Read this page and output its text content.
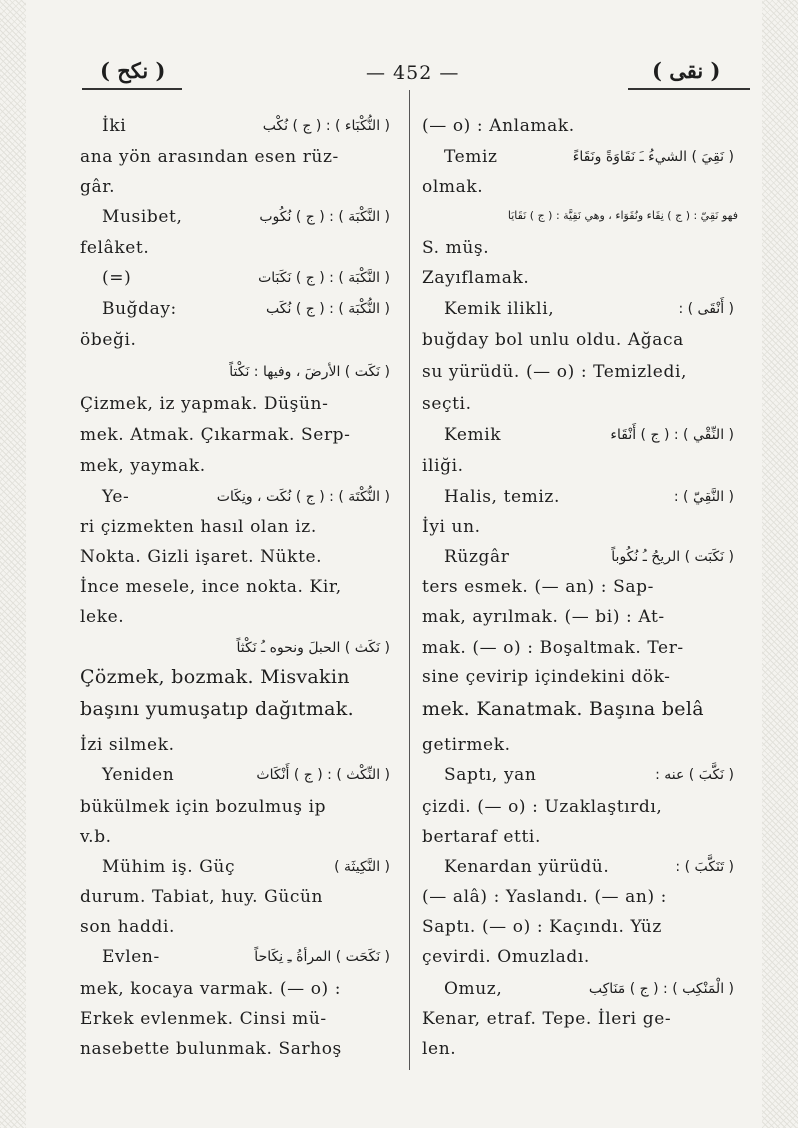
( نكح )	— 452 —	( نقى )
İki	( النُّكْبَاء ) : ( ج ) نُكْب
ana yön arasından esen rüz-
gâr.
Musibet,	( النَّكْبَة ) : ( ج ) نُكُوب
felâket.
(=)	( النَّكْبَة ) : ( ج ) نَكَبَات
Buğday:	( النُّكْبَة ) : ( ج ) نُكَب
öbeği.
( نَكَت ) الأرضَ ، وفيها : نَكْتاً
Çizmek, iz yapmak. Düşün-
mek. Atmak. Çıkarmak. Serp-
mek, yaymak.
Ye-	( النُّكْتَة ) : ( ج ) نُكَت ، ونِكَات
ri çizmekten hasıl olan iz.
Nokta. Gizli işaret. Nükte.
İnce mesele, ince nokta. Kir,
leke.
( نَكَث ) الحبلَ ونحوه ـُ نَكْثاً
Çözmek, bozmak. Misvakin
başını yumuşatıp dağıtmak.
İzi silmek.
Yeniden	( النِّكْث ) : ( ج ) أَنْكَاث
bükülmek için bozulmuş ip
v.b.
Mühim iş. Güç	( النَّكِيثَة )
durum. Tabiat, huy. Gücün
son haddi.
Evlen-	( نَكَحَت ) المرأةُ ـِ نِكَاحاً
mek, kocaya varmak. (— o) :
Erkek evlenmek. Cinsi mü-
nasebette bulunmak. Sarhoş
(— o) : Anlamak.
Temiz	( نَقِيَ ) الشيءُ ـَ نَقَاوَةً ونَقَاءً
olmak.
فهو نَقِيّ : ( ج ) نِقَاء ونُقَوَاء ، وهي نَقِيَّة : ( ج ) نَقَايَا
S. müş.
Zayıflamak.
Kemik ilikli,	( أَنْقَى ) :
buğday bol unlu oldu. Ağaca
su yürüdü. (— o) : Temizledi,
seçti.
Kemik	( النِّقْي ) : ( ج ) أَنْقَاء
iliği.
Halis, temiz.	( النَّقِيّ ) :
İyi un.
Rüzgâr	( نَكَبَت ) الريحُ ـُ نُكُوباً
ters esmek. (— an) : Sap-
mak, ayrılmak. (— bi) : At-
mak. (— o) : Boşaltmak. Ter-
sine çevirip içindekini dök-
mek. Kanatmak. Başına belâ
getirmek.
Saptı, yan	( نَكَّبَ ) عنه :
çizdi. (— o) : Uzaklaştırdı,
bertaraf etti.
Kenardan yürüdü.	( تَنَكَّبَ ) :
(— alâ) : Yaslandı. (— an) :
Saptı. (— o) : Kaçındı. Yüz
çevirdi. Omuzladı.
Omuz,	( الْمَنْكِب ) : ( ج ) مَنَاكِب
Kenar, etraf. Tepe. İleri ge-
len.
